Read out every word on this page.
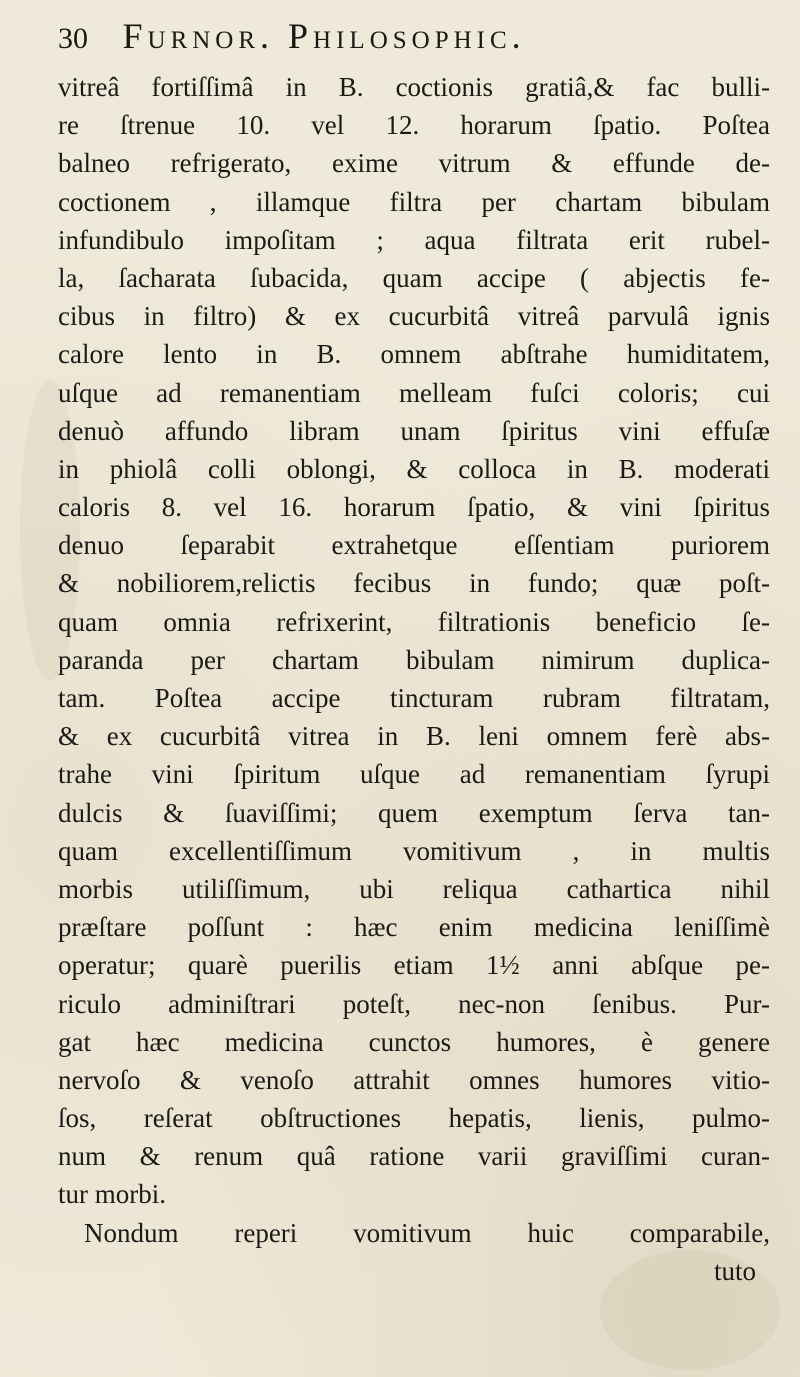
30 Furnor. Philosophic.
vitreâ fortiſſimâ in B. coctionis gratiâ,& fac bulli-
re ſtrenue 10. vel 12. horarum ſpatio. Poſtea
balneo refrigerato, exime vitrum & effunde de-
coctionem , illamque filtra per chartam bibulam
infundibulo impoſitam ; aqua filtrata erit rubel-
la, ſacharata ſubacida, quam accipe ( abjectis fe-
cibus in filtro) & ex cucurbitâ vitreâ parvulâ ignis
calore lento in B. omnem abſtrahe humiditatem,
uſque ad remanentiam melleam fuſci coloris; cui
denuò affundo libram unam ſpiritus vini effuſæ
in phiolâ colli oblongi, & colloca in B. moderati
caloris 8. vel 16. horarum ſpatio, & vini ſpiritus
denuo ſeparabit extrahetque eſſentiam puriorem
& nobiliorem,relictis fecibus in fundo; quæ poſt-
quam omnia refrixerint, filtrationis beneficio ſe-
paranda per chartam bibulam nimirum duplica-
tam. Poſtea accipe tincturam rubram filtratam,
& ex cucurbitâ vitrea in B. leni omnem ferè abs-
trahe vini ſpiritum uſque ad remanentiam ſyrupi
dulcis & ſuaviſſimi; quem exemptum ſerva tan-
quam excellentiſſimum vomitivum , in multis
morbis utiliſſimum, ubi reliqua cathartica nihil
præſtare poſſunt : hæc enim medicina leniſſimè
operatur; quarè puerilis etiam 1½ anni abſque pe-
riculo adminiſtrari poteſt, nec-non ſenibus. Pur-
gat hæc medicina cunctos humores, è genere
nervoſo & venoſo attrahit omnes humores vitio-
ſos, reſerat obſtructiones hepatis, lienis, pulmo-
num & renum quâ ratione varii graviſſimi curan-
tur morbi.
Nondum reperi vomitivum huic comparabile,
tuto
